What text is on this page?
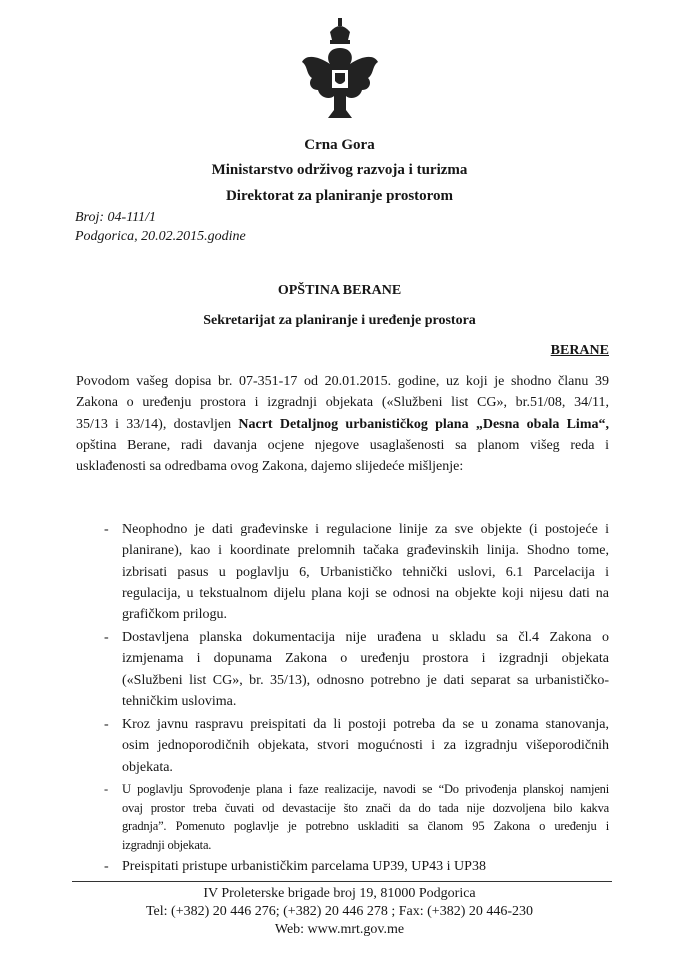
Crna Gora
Ministarstvo održivog razvoja i turizma
Direktorat za planiranje prostorom
Broj: 04-111/1
Podgorica, 20.02.2015.godine
OPŠTINA BERANE
Sekretarijat za planiranje i uređenje prostora
BERANE
Povodom vašeg dopisa br. 07-351-17 od 20.01.2015. godine, uz koji je shodno članu 39
Zakona o uređenju prostora i izgradnji objekata («Službeni list CG», br.51/08, 34/11,
35/13 i 33/14), dostavljen Nacrt Detaljnog urbanističkog plana „Desna obala Lima“,
opština Berane, radi davanja ocjene njegove usaglašenosti sa planom višeg reda i
usklađenosti sa odredbama ovog Zakona, dajemo slijedeće mišljenje:
- Neophodno je dati građevinske i regulacione linije za sve objekte (i postojeće i
planirane), kao i koordinate prelomnih tačaka građevinskih linija. Shodno tome,
izbrisati pasus u poglavlju 6, Urbanističko tehnički uslovi, 6.1 Parcelacija i
regulacija, u tekstualnom dijelu plana koji se odnosi na objekte koji nijesu dati na
grafičkom prilogu.
- Dostavljena planska dokumentacija nije urađena u skladu sa čl.4 Zakona o
izmjenama i dopunama Zakona o uređenju prostora i izgradnji objekata
(«Službeni list CG», br. 35/13), odnosno potrebno je dati separat sa urbanističko-
tehničkim uslovima.
- Kroz javnu raspravu preispitati da li postoji potreba da se u zonama stanovanja,
osim jednoporodičnih objekata, stvori mogućnosti i za izgradnju višeporodičnih
objekata.
- U poglavlju Sprovođenje plana i faze realizacije, navodi se “Do privođenja planskoj namjeni
ovaj prostor treba čuvati od devastacije što znači da do tada nije dozvoljena bilo kakva
gradnja”. Pomenuto poglavlje je potrebno uskladiti sa članom 95 Zakona o uređenju i
izgradnji objekata.
- Preispitati pristupe urbanističkim parcelama UP39, UP43 i UP38
IV Proleterske brigade broj 19, 81000 Podgorica
Tel: (+382) 20 446 276; (+382) 20 446 278 ; Fax: (+382) 20 446-230
Web: www.mrt.gov.me
